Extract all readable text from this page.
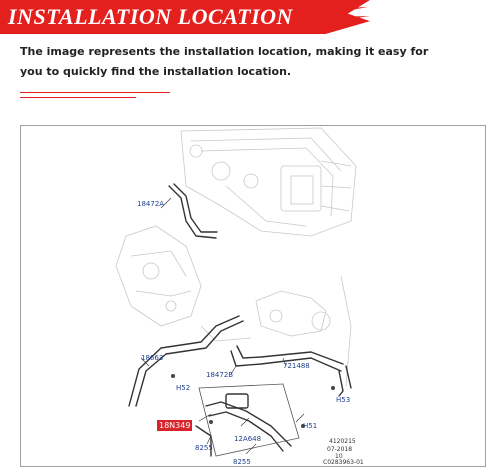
INSTALLATION LOCATION
The image represents the installation location, making it easy for you to quickly find the installation location.
18472A
18663
H52
18472B
721488
H53
18N349	H51
12A648
8255
8255
4120215
07-2018
10
C0283963-01
